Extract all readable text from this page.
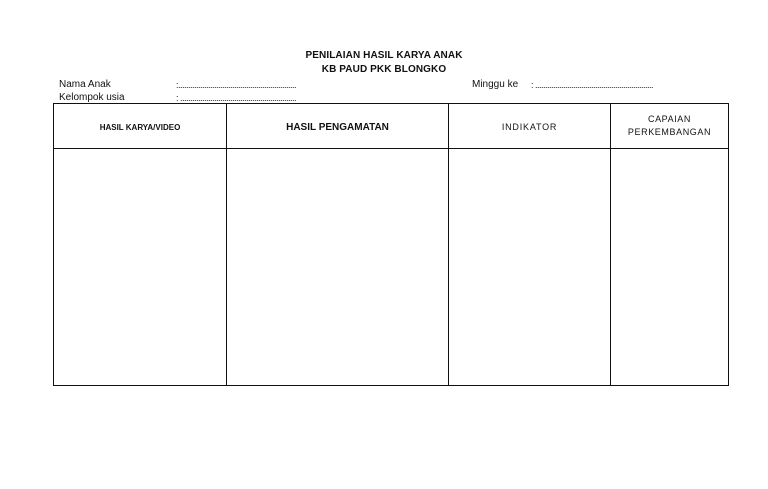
PENILAIAN HASIL KARYA ANAK
KB PAUD PKK BLONGKO
Nama Anak	:...........................................................
Kelompok usia	: ..........................................................
Minggu ke : ...........................................................
HASIL KARYA/VIDEO	HASIL PENGAMATAN	INDIKATOR	CAPAIAN
PERKEMBANGAN
